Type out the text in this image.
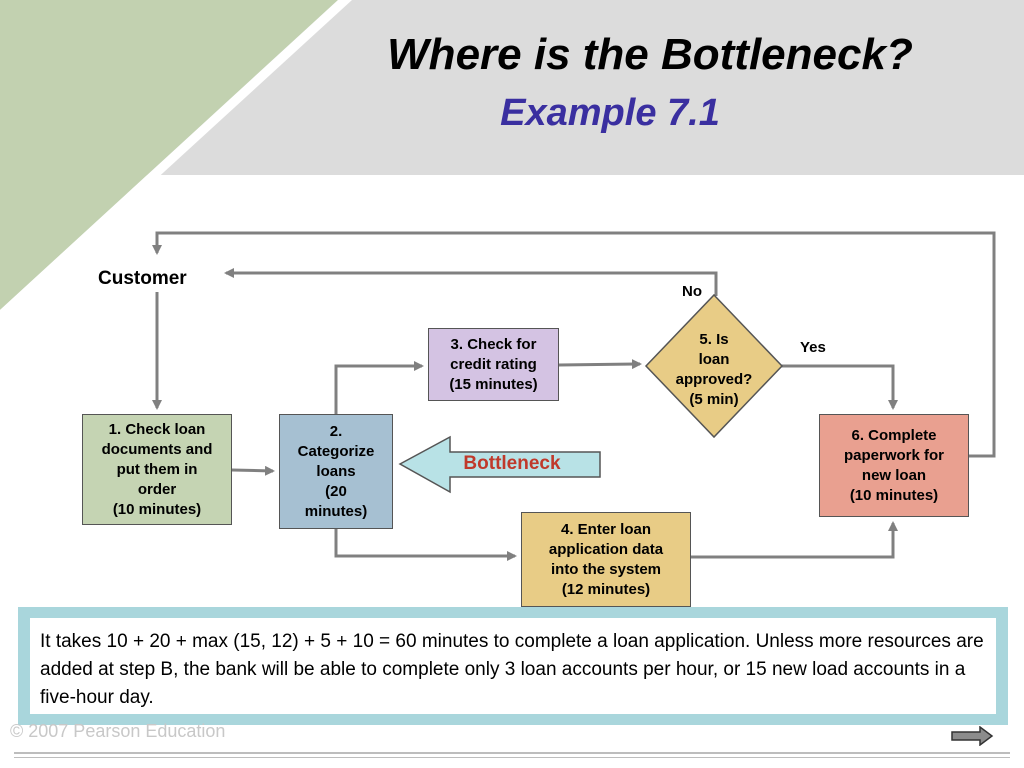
Where is the Bottleneck?
Example 7.1
Customer
No
Yes
1. Check loan
documents and
put them in
order
(10 minutes)
2.
Categorize
loans
(20
minutes)
3. Check for
credit rating
(15 minutes)
4. Enter loan
application data
into the system
(12 minutes)
6. Complete
paperwork for
new loan
(10 minutes)
5. Is
loan
approved?
(5 min)
Bottleneck
It takes 10 + 20 + max (15, 12) + 5 + 10 = 60 minutes to complete a loan application. Unless more resources are added at step B, the bank will be able to complete only 3 loan accounts per hour, or 15 new load accounts in a five-hour day.
© 2007 Pearson Education
